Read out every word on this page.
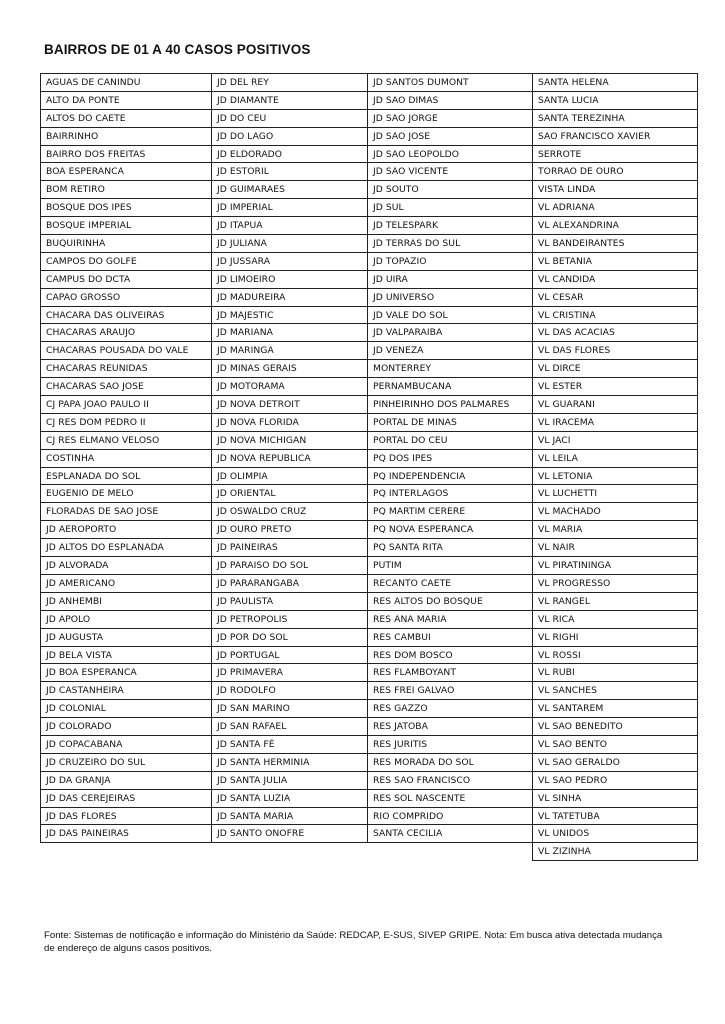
BAIRROS DE 01 A 40 CASOS POSITIVOS
AGUAS DE CANINDU
ALTO DA PONTE
ALTOS DO CAETE
BAIRRINHO
BAIRRO DOS FREITAS
BOA ESPERANCA
BOM RETIRO
BOSQUE DOS IPES
BOSQUE IMPERIAL
BUQUIRINHA
CAMPOS DO GOLFE
CAMPUS DO DCTA
CAPAO GROSSO
CHACARA DAS OLIVEIRAS
CHACARAS ARAUJO
CHACARAS POUSADA DO VALE
CHACARAS REUNIDAS
CHACARAS SAO JOSE
CJ PAPA JOAO PAULO II
CJ RES DOM PEDRO II
CJ RES ELMANO VELOSO
COSTINHA
ESPLANADA DO SOL
EUGENIO DE MELO
FLORADAS DE SAO JOSE
JD AEROPORTO
JD ALTOS DO ESPLANADA
JD ALVORADA
JD AMERICANO
JD ANHEMBI
JD APOLO
JD AUGUSTA
JD BELA VISTA
JD BOA ESPERANCA
JD CASTANHEIRA
JD COLONIAL
JD COLORADO
JD COPACABANA
JD CRUZEIRO DO SUL
JD DA GRANJA
JD DAS CEREJEIRAS
JD DAS FLORES
JD DAS PAINEIRAS
JD DEL REY
JD DIAMANTE
JD DO CEU
JD DO LAGO
JD ELDORADO
JD ESTORIL
JD GUIMARAES
JD IMPERIAL
JD ITAPUA
JD JULIANA
JD JUSSARA
JD LIMOEIRO
JD MADUREIRA
JD MAJESTIC
JD MARIANA
JD MARINGA
JD MINAS GERAIS
JD MOTORAMA
JD NOVA DETROIT
JD NOVA FLORIDA
JD NOVA MICHIGAN
JD NOVA REPUBLICA
JD OLIMPIA
JD ORIENTAL
JD OSWALDO CRUZ
JD OURO PRETO
JD PAINEIRAS
JD PARAISO DO SOL
JD PARARANGABA
JD PAULISTA
JD PETROPOLIS
JD POR DO SOL
JD PORTUGAL
JD PRIMAVERA
JD RODOLFO
JD SAN MARINO
JD SAN RAFAEL
JD SANTA FÉ
JD SANTA HERMINIA
JD SANTA JULIA
JD SANTA LUZIA
JD SANTA MARIA
JD SANTO ONOFRE
JD SANTOS DUMONT
JD SAO DIMAS
JD SAO JORGE
JD SAO JOSE
JD SAO LEOPOLDO
JD SAO VICENTE
JD SOUTO
JD SUL
JD TELESPARK
JD TERRAS DO SUL
JD TOPAZIO
JD UIRA
JD UNIVERSO
JD VALE DO SOL
JD VALPARAIBA
JD VENEZA
MONTERREY
PERNAMBUCANA
PINHEIRINHO DOS PALMARES
PORTAL DE MINAS
PORTAL DO CEU
PQ DOS IPES
PQ INDEPENDENCIA
PQ INTERLAGOS
PQ MARTIM CERERE
PQ NOVA ESPERANCA
PQ SANTA RITA
PUTIM
RECANTO CAETE
RES ALTOS DO BOSQUE
RES ANA MARIA
RES CAMBUI
RES DOM BOSCO
RES FLAMBOYANT
RES FREI GALVAO
RES GAZZO
RES JATOBA
RES JURITIS
RES MORADA DO SOL
RES SAO FRANCISCO
RES SOL NASCENTE
RIO COMPRIDO
SANTA CECILIA
SANTA HELENA
SANTA LUCIA
SANTA TEREZINHA
SAO FRANCISCO XAVIER
SERROTE
TORRAO DE OURO
VISTA LINDA
VL ADRIANA
VL ALEXANDRINA
VL BANDEIRANTES
VL BETANIA
VL CANDIDA
VL CESAR
VL CRISTINA
VL DAS ACACIAS
VL DAS FLORES
VL DIRCE
VL ESTER
VL GUARANI
VL IRACEMA
VL JACI
VL LEILA
VL LETONIA
VL LUCHETTI
VL MACHADO
VL MARIA
VL NAIR
VL PIRATININGA
VL PROGRESSO
VL RANGEL
VL RICA
VL RIGHI
VL ROSSI
VL RUBI
VL SANCHES
VL SANTAREM
VL SAO BENEDITO
VL SAO BENTO
VL SAO GERALDO
VL SAO PEDRO
VL SINHA
VL TATETUBA
VL UNIDOS
VL ZIZINHA
Fonte: Sistemas de notificação e informação do Ministério da Saúde: REDCAP, E-SUS, SIVEP GRIPE. Nota: Em busca ativa detectada mudança de endereço de alguns casos positivos.
